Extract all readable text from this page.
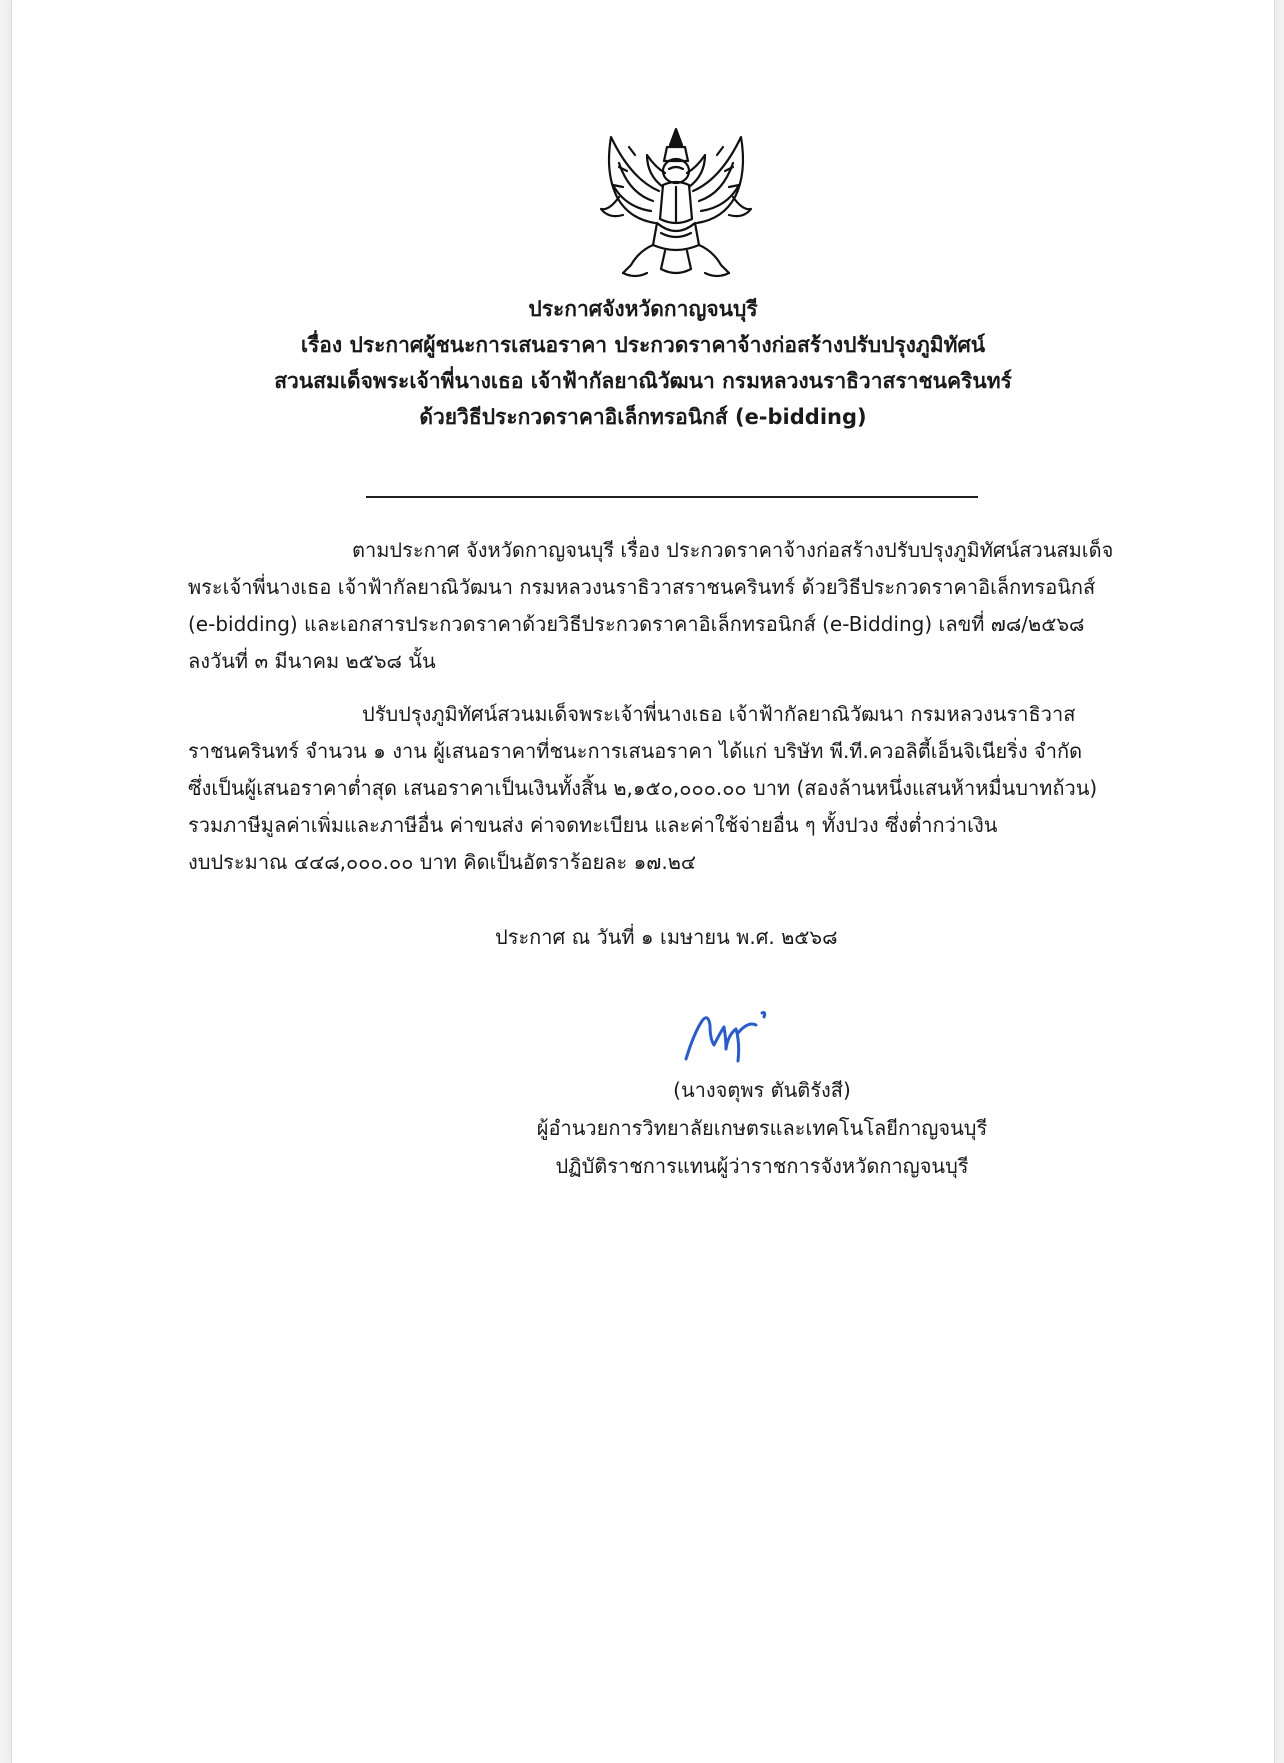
ประกาศจังหวัดกาญจนบุรี
เรื่อง ประกาศผู้ชนะการเสนอราคา ประกวดราคาจ้างก่อสร้างปรับปรุงภูมิทัศน์
สวนสมเด็จพระเจ้าพี่นางเธอ เจ้าฟ้ากัลยาณิวัฒนา กรมหลวงนราธิวาสราชนครินทร์
ด้วยวิธีประกวดราคาอิเล็กทรอนิกส์ (e-bidding)
ตามประกาศ จังหวัดกาญจนบุรี เรื่อง ประกวดราคาจ้างก่อสร้างปรับปรุงภูมิทัศน์สวนสมเด็จ
พระเจ้าพี่นางเธอ เจ้าฟ้ากัลยาณิวัฒนา กรมหลวงนราธิวาสราชนครินทร์ ด้วยวิธีประกวดราคาอิเล็กทรอนิกส์
(e-bidding) และเอกสารประกวดราคาด้วยวิธีประกวดราคาอิเล็กทรอนิกส์ (e-Bidding) เลขที่ ๗๘/๒๕๖๘
ลงวันที่ ๓ มีนาคม ๒๕๖๘ นั้น
ปรับปรุงภูมิทัศน์สวนมเด็จพระเจ้าพี่นางเธอ เจ้าฟ้ากัลยาณิวัฒนา กรมหลวงนราธิวาส
ราชนครินทร์ จำนวน ๑ งาน ผู้เสนอราคาที่ชนะการเสนอราคา ได้แก่ บริษัท พี.ที.ควอลิตี้เอ็นจิเนียริ่ง จำกัด
ซึ่งเป็นผู้เสนอราคาต่ำสุด เสนอราคาเป็นเงินทั้งสิ้น ๒,๑๕๐,๐๐๐.๐๐ บาท (สองล้านหนึ่งแสนห้าหมื่นบาทถ้วน)
รวมภาษีมูลค่าเพิ่มและภาษีอื่น ค่าขนส่ง ค่าจดทะเบียน และค่าใช้จ่ายอื่น ๆ ทั้งปวง ซึ่งต่ำกว่าเงิน
งบประมาณ ๔๔๘,๐๐๐.๐๐ บาท คิดเป็นอัตราร้อยละ ๑๗.๒๔
ประกาศ ณ วันที่ ๑ เมษายน พ.ศ. ๒๕๖๘
(นางจตุพร ตันติรังสี)
ผู้อำนวยการวิทยาลัยเกษตรและเทคโนโลยีกาญจนบุรี
ปฏิบัติราชการแทนผู้ว่าราชการจังหวัดกาญจนบุรี
